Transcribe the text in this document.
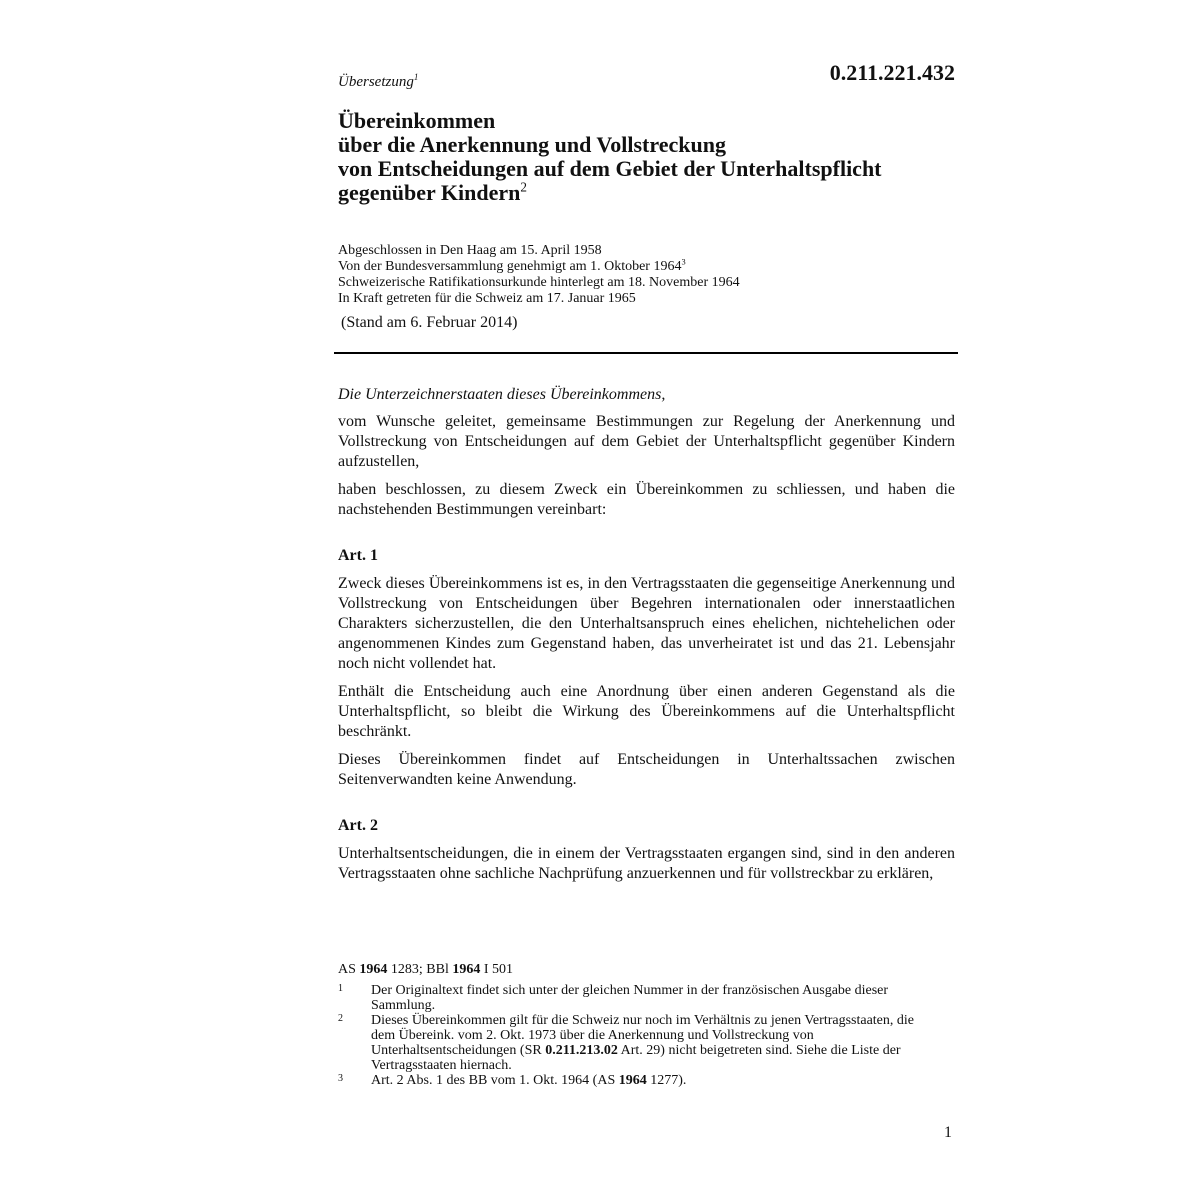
Übersetzung$^1$	0.211.221.432
Übereinkommen
über die Anerkennung und Vollstreckung
von Entscheidungen auf dem Gebiet der Unterhaltspflicht
gegenüber Kindern$^2$
Abgeschlossen in Den Haag am 15. April 1958
Von der Bundesversammlung genehmigt am 1. Oktober 1964$^3$
Schweizerische Ratifikationsurkunde hinterlegt am 18. November 1964
In Kraft getreten für die Schweiz am 17. Januar 1965
(Stand am 6. Februar 2014)

Die Unterzeichnerstaaten dieses Übereinkommens,

vom Wunsche geleitet, gemeinsame Bestimmungen zur Regelung der Anerkennung und Vollstreckung von Entscheidungen auf dem Gebiet der Unterhaltspflicht gegenüber Kindern aufzustellen,

haben beschlossen, zu diesem Zweck ein Übereinkommen zu schliessen, und haben die nachstehenden Bestimmungen vereinbart:

Art. 1

Zweck dieses Übereinkommens ist es, in den Vertragsstaaten die gegenseitige Anerkennung und Vollstreckung von Entscheidungen über Begehren internationalen oder innerstaatlichen Charakters sicherzustellen, die den Unterhaltsanspruch eines ehelichen, nichtehelichen oder angenommenen Kindes zum Gegenstand haben, das unverheiratet ist und das 21. Lebensjahr noch nicht vollendet hat.

Enthält die Entscheidung auch eine Anordnung über einen anderen Gegenstand als die Unterhaltspflicht, so bleibt die Wirkung des Übereinkommens auf die Unterhaltspflicht beschränkt.

Dieses Übereinkommen findet auf Entscheidungen in Unterhaltssachen zwischen Seitenverwandten keine Anwendung.

Art. 2

Unterhaltsentscheidungen, die in einem der Vertragsstaaten ergangen sind, sind in den anderen Vertragsstaaten ohne sachliche Nachprüfung anzuerkennen und für vollstreckbar zu erklären,

AS 1964 1283; BBl 1964 I 501
1	Der Originaltext findet sich unter der gleichen Nummer in der französischen Ausgabe dieser Sammlung.
2	Dieses Übereinkommen gilt für die Schweiz nur noch im Verhältnis zu jenen Vertragsstaaten, die dem Übereink. vom 2. Okt. 1973 über die Anerkennung und Vollstreckung von Unterhaltsentscheidungen (SR 0.211.213.02 Art. 29) nicht beigetreten sind. Siehe die Liste der Vertragsstaaten hiernach.
3	Art. 2 Abs. 1 des BB vom 1. Okt. 1964 (AS 1964 1277).
1
